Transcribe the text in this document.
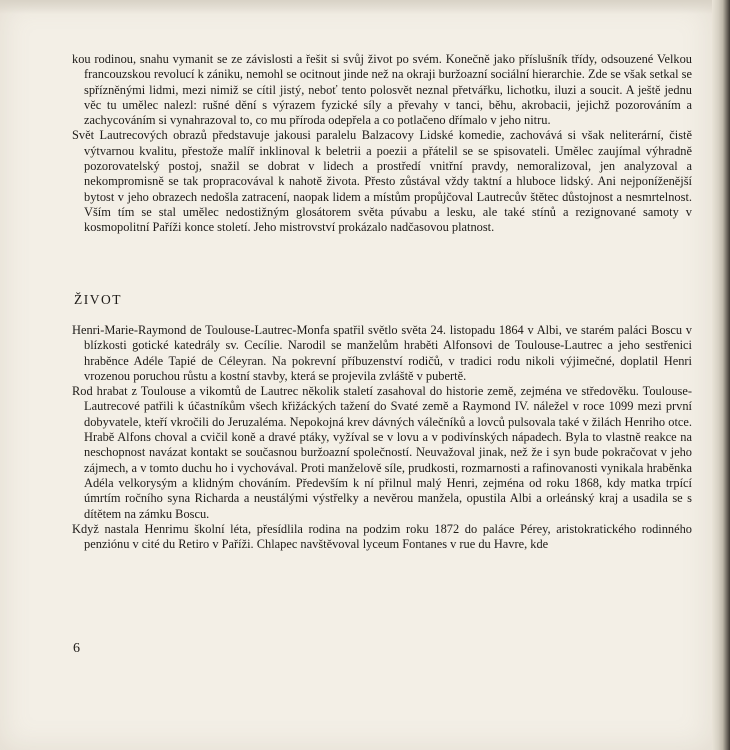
kou rodinou, snahu vymanit se ze závislosti a řešit si svůj život po svém. Konečně jako příslušník třídy, odsouzené Velkou francouzskou revolucí k zániku, nemohl se ocitnout jinde než na okraji buržoazní sociální hierarchie. Zde se však setkal se spřízněnými lidmi, mezi nimiž se cítil jistý, neboť tento polosvět neznal přetvářku, lichotku, iluzi a soucit. A ještě jednu věc tu umělec nalezl: rušné dění s výrazem fyzické síly a převahy v tanci, běhu, akrobacii, jejichž pozorováním a zachycováním si vynahrazoval to, co mu příroda odepřela a co potlačeno dřímalo v jeho nitru.

Svět Lautrecových obrazů představuje jakousi paralelu Balzacovy Lidské komedie, zachovává si však neliterární, čistě výtvarnou kvalitu, přestože malíř inklinoval k beletrii a poezii a přátelil se se spisovateli. Umělec zaujímal výhradně pozorovatelský postoj, snažil se dobrat v lidech a prostředí vnitřní pravdy, nemoralizoval, jen analyzoval a nekompromisně se tak propracovával k nahotě života. Přesto zůstával vždy taktní a hluboce lidský. Ani nejponíženější bytost v jeho obrazech nedošla zatracení, naopak lidem a místům propůjčoval Lautrecův štětec důstojnost a nesmrtelnost. Vším tím se stal umělec nedostižným glosátorem světa púvabu a lesku, ale také stínů a rezignované samoty v kosmopolitní Paříži konce století. Jeho mistrovství prokázalo nadčasovou platnost.

ŽIVOT

Henri-Marie-Raymond de Toulouse-Lautrec-Monfa spatřil světlo světa 24. listopadu 1864 v Albi, ve starém paláci Boscu v blízkosti gotické katedrály sv. Cecílie. Narodil se manželům hraběti Alfonsovi de Toulouse-Lautrec a jeho sestřenici hraběnce Adéle Tapié de Céleyran. Na pokrevní příbuzenství rodičů, v tradici rodu nikoli výjimečné, doplatil Henri vrozenou poruchou růstu a kostní stavby, která se projevila zvláště v pubertě.

Rod hrabat z Toulouse a vikomtů de Lautrec několik staletí zasahoval do historie země, zejména ve středověku. Toulouse-Lautrecové patřili k účastníkům všech křižáckých tažení do Svaté země a Raymond IV. náležel v roce 1099 mezi první dobyvatele, kteří vkročili do Jeruzaléma. Nepokojná krev dávných válečníků a lovců pulsovala také v žilách Henriho otce. Hrabě Alfons choval a cvičil koně a dravé ptáky, vyžíval se v lovu a v podivínských nápadech. Byla to vlastně reakce na neschopnost navázat kontakt se současnou buržoazní společností. Neuvažoval jinak, než že i syn bude pokračovat v jeho zájmech, a v tomto duchu ho i vychovával. Proti manželově síle, prudkosti, rozmarnosti a rafinovanosti vynikala hraběnka Adéla velkorysým a klidným chováním. Především k ní přilnul malý Henri, zejména od roku 1868, kdy matka trpící úmrtím ročního syna Richarda a neustálými výstřelky a nevěrou manžela, opustila Albi a orleánský kraj a usadila se s dítětem na zámku Boscu.

Když nastala Henrimu školní léta, přesídlila rodina na podzim roku 1872 do paláce Pérey, aristokratického rodinného penziónu v cité du Retiro v Paříži. Chlapec navštěvoval lyceum Fontanes v rue du Havre, kde

6
